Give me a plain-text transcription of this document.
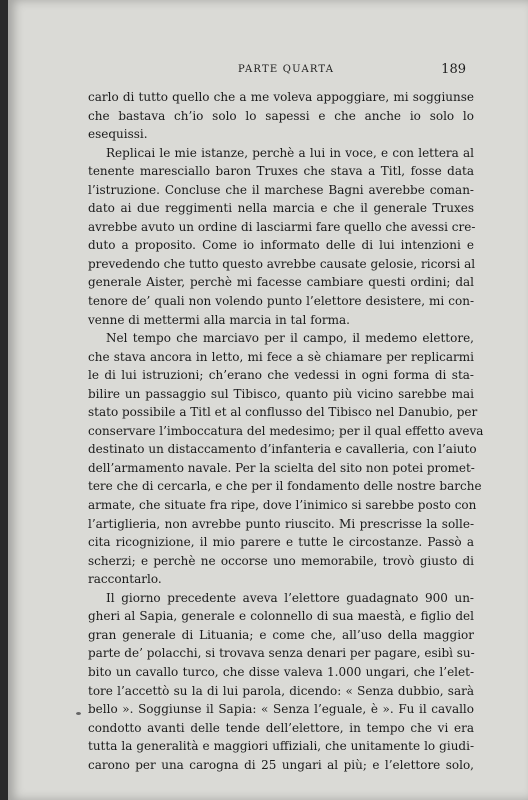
PARTE QUARTA	189
carlo di tutto quello che a me voleva appoggiare, mi soggiunse
che bastava ch’io solo lo sapessi e che anche io solo lo
esequissi.
Replicai le mie istanze, perchè a lui in voce, e con lettera al
tenente maresciallo baron Truxes che stava a Titl, fosse data
l’istruzione. Concluse che il marchese Bagni averebbe coman-
dato ai due reggimenti nella marcia e che il generale Truxes
avrebbe avuto un ordine di lasciarmi fare quello che avessi cre-
duto a proposito. Come io informato delle di lui intenzioni e
prevedendo che tutto questo avrebbe causate gelosie, ricorsi al
generale Aister, perchè mi facesse cambiare questi ordini; dal
tenore de’ quali non volendo punto l’elettore desistere, mi con-
venne di mettermi alla marcia in tal forma.
Nel tempo che marciavo per il campo, il medemo elettore,
che stava ancora in letto, mi fece a sè chiamare per replicarmi
le di lui istruzioni; ch’erano che vedessi in ogni forma di sta-
bilire un passaggio sul Tibisco, quanto più vicino sarebbe mai
stato possibile a Titl et al conflusso del Tibisco nel Danubio, per
conservare l’imboccatura del medesimo; per il qual effetto aveva
destinato un distaccamento d’infanteria e cavalleria, con l’aiuto
dell’armamento navale. Per la scielta del sito non potei promet-
tere che di cercarla, e che per il fondamento delle nostre barche
armate, che situate fra ripe, dove l’inimico si sarebbe posto con
l’artiglieria, non avrebbe punto riuscito. Mi prescrisse la solle-
cita ricognizione, il mio parere e tutte le circostanze. Passò a
scherzi; e perchè ne occorse uno memorabile, trovò giusto di
raccontarlo.
Il giorno precedente aveva l’elettore guadagnato 900 un-
gheri al Sapia, generale e colonnello di sua maestà, e figlio del
gran generale di Lituania; e come che, all’uso della maggior
parte de’ polacchi, si trovava senza denari per pagare, esibì su-
bito un cavallo turco, che disse valeva 1.000 ungari, che l’elet-
tore l’accettò su la di lui parola, dicendo: « Senza dubbio, sarà
bello ». Soggiunse il Sapia: « Senza l’eguale, è ». Fu il cavallo
condotto avanti delle tende dell’elettore, in tempo che vi era
tutta la generalità e maggiori uffiziali, che unitamente lo giudi-
carono per una carogna di 25 ungari al più; e l’elettore solo,
